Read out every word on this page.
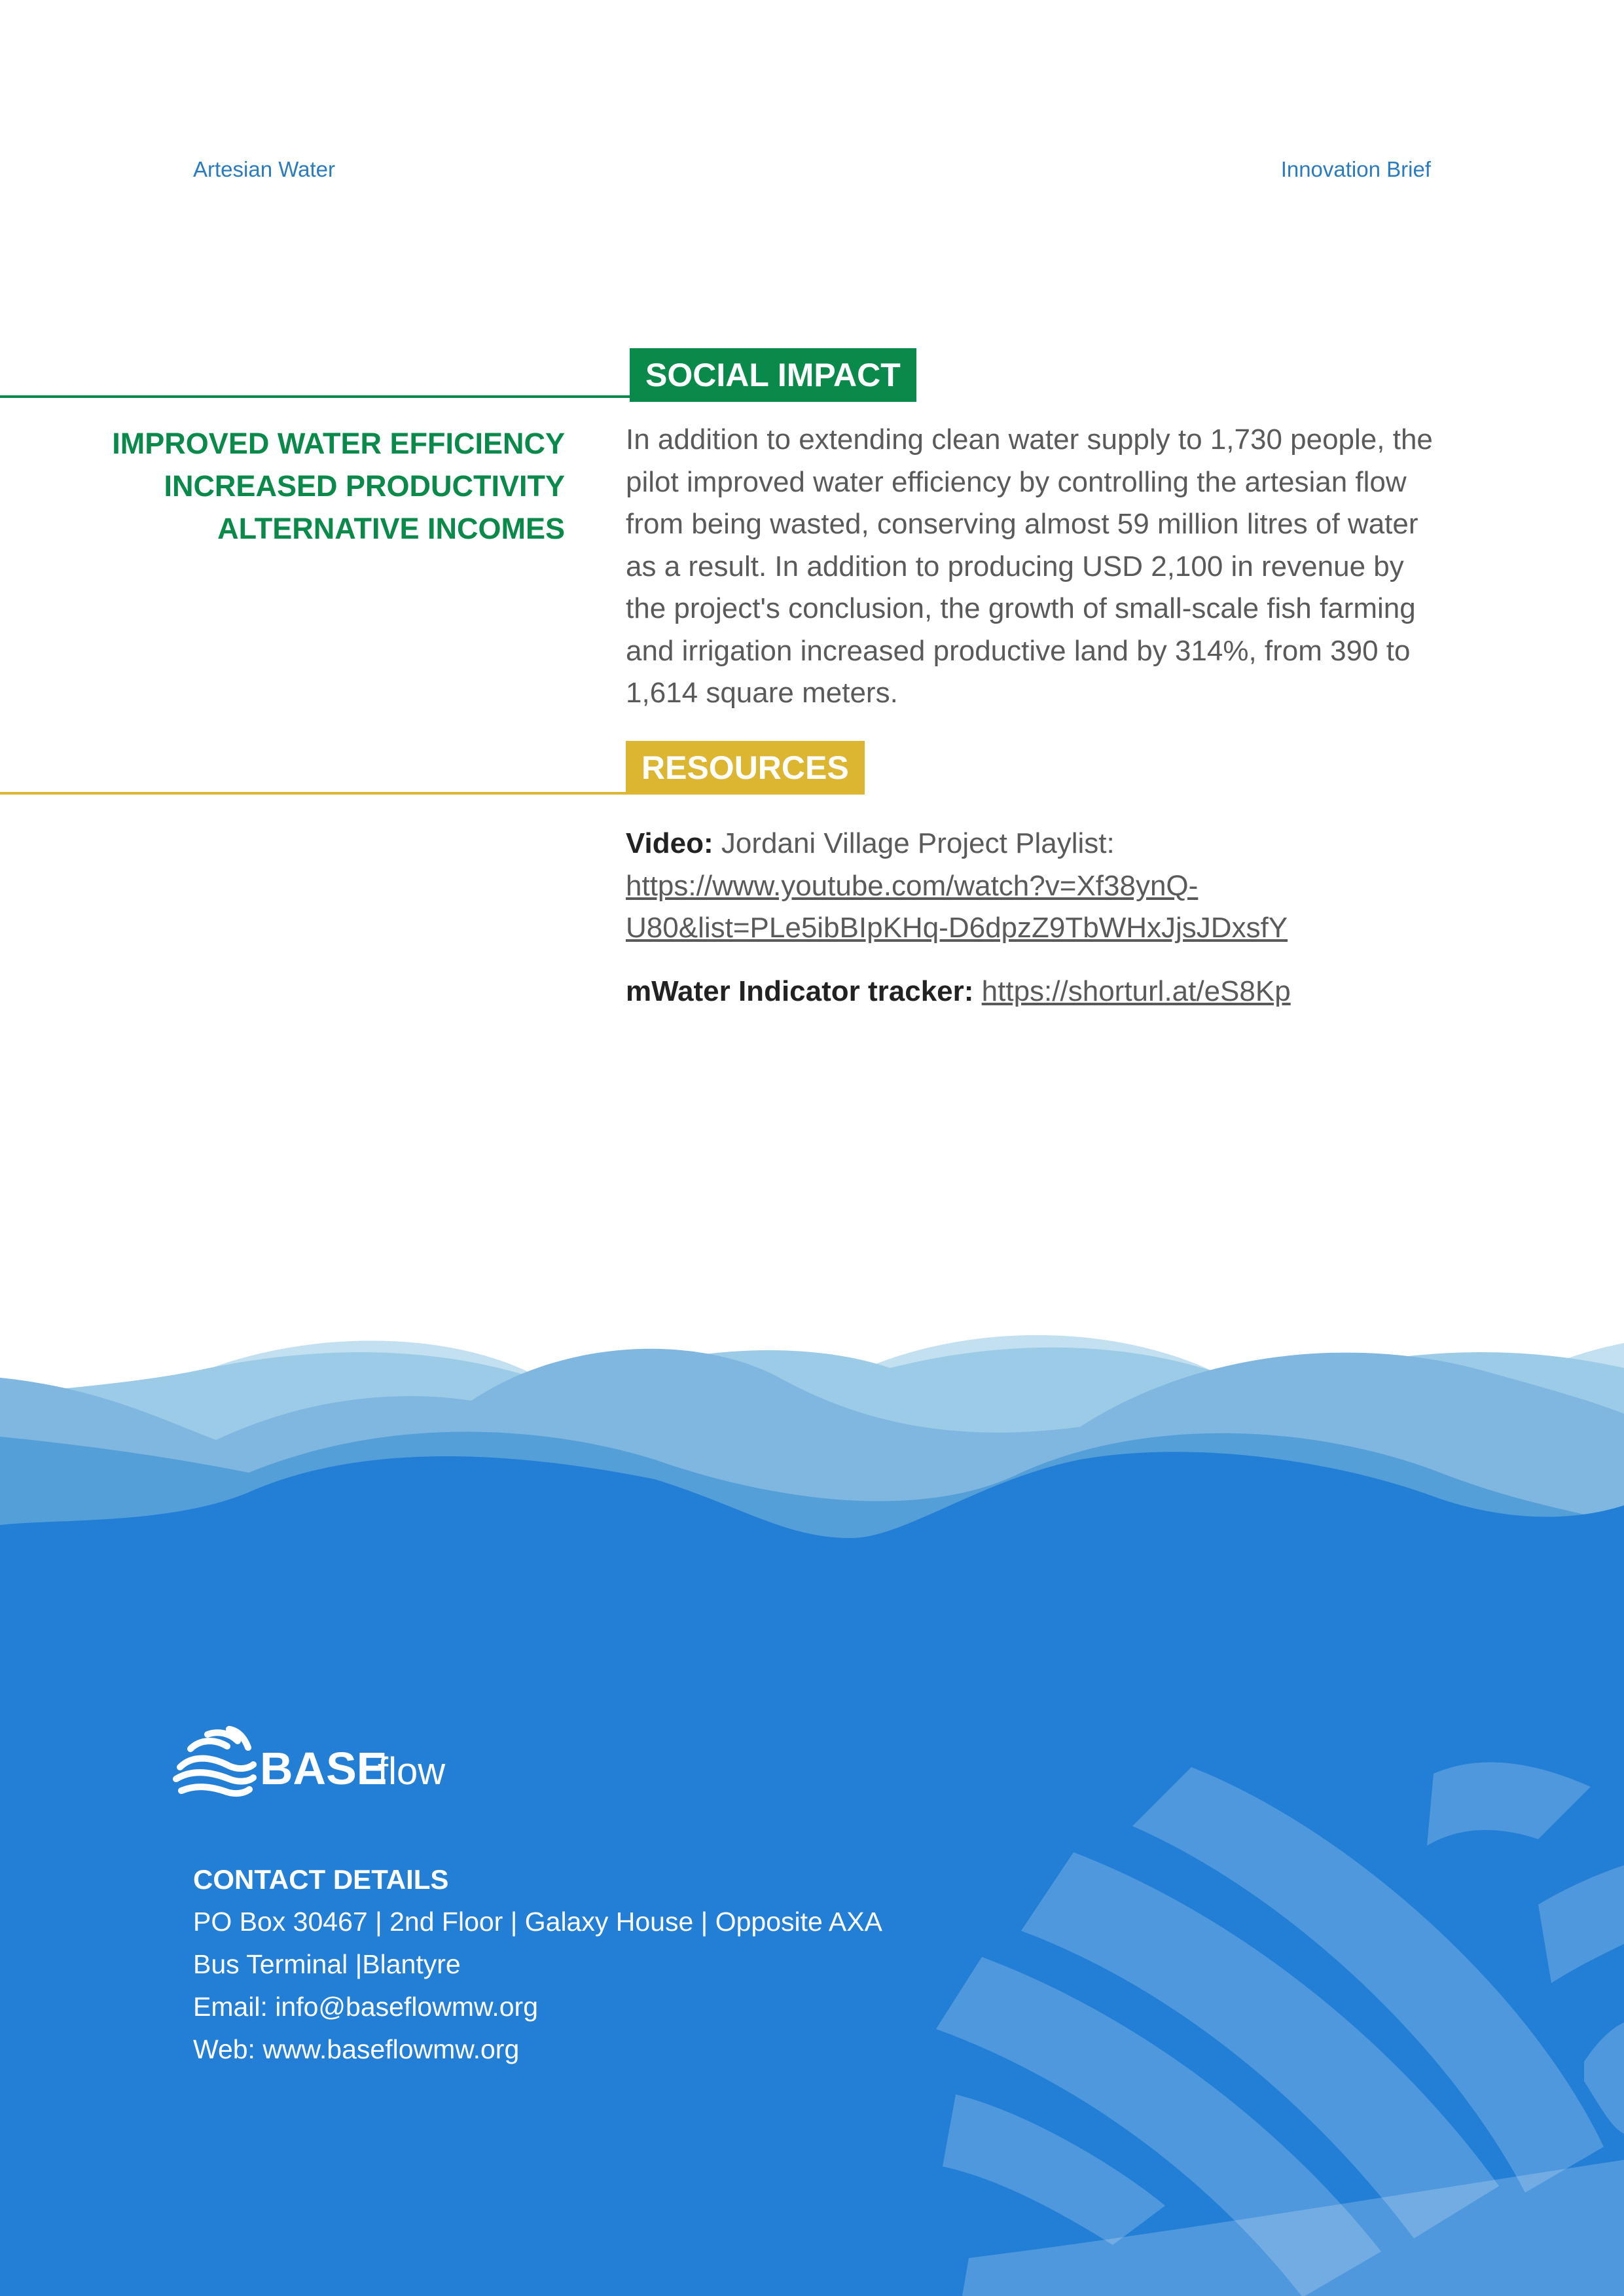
Artesian Water	Innovation Brief
SOCIAL IMPACT
IMPROVED WATER EFFICIENCY
INCREASED PRODUCTIVITY
ALTERNATIVE INCOMES
In addition to extending clean water supply to 1,730 people, the pilot improved water efficiency by controlling the artesian flow from being wasted, conserving almost 59 million litres of water as a result. In addition to producing USD 2,100 in revenue by the project's conclusion, the growth of small-scale fish farming and irrigation increased productive land by 314%, from 390 to 1,614 square meters.
RESOURCES
Video: Jordani Village Project Playlist:
https://www.youtube.com/watch?v=Xf38ynQ-
U80&list=PLe5ibBIpKHq-D6dpzZ9TbWHxJjsJDxsfY
mWater Indicator tracker: https://shorturl.at/eS8Kp
BASE
flow
CONTACT DETAILS
PO Box 30467 | 2nd Floor | Galaxy House | Opposite AXA
Bus Terminal |Blantyre
Email: info@baseflowmw.org
Web: www.baseflowmw.org
